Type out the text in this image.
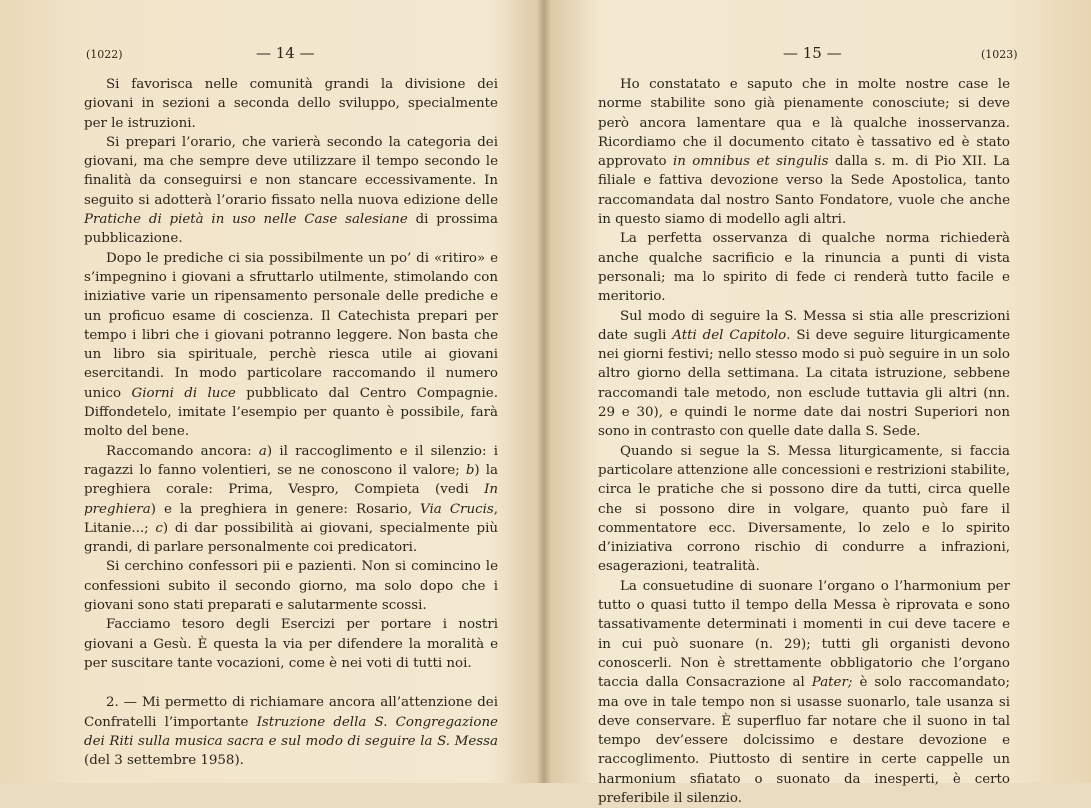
(1022)	— 14 —

Si favorisca nelle comunità grandi la divisione dei giovani in sezioni a seconda dello sviluppo, specialmente per le istruzioni.

Si prepari l’orario, che varierà secondo la categoria dei giovani, ma che sempre deve utilizzare il tempo secondo le finalità da conseguirsi e non stancare eccessivamente. In seguito si adotterà l’orario fissato nella nuova edizione delle Pratiche di pietà in uso nelle Case salesiane di prossima pubblicazione.

Dopo le prediche ci sia possibilmente un po’ di «ritiro» e s’impegnino i giovani a sfruttarlo utilmente, stimolando con iniziative varie un ripensamento personale delle prediche e un proficuo esame di coscienza. Il Catechista prepari per tempo i libri che i giovani potranno leggere. Non basta che un libro sia spirituale, perchè riesca utile ai giovani esercitandi. In modo particolare raccomando il numero unico Giorni di luce pubblicato dal Centro Compagnie. Diffondetelo, imitate l’esempio per quanto è possibile, farà molto del bene.

Raccomando ancora: a) il raccoglimento e il silenzio: i ragazzi lo fanno volentieri, se ne conoscono il valore; b) la preghiera corale: Prima, Vespro, Compieta (vedi In preghiera) e la preghiera in genere: Rosario, Via Crucis, Litanie...; c) di dar possibilità ai giovani, specialmente più grandi, di parlare personalmente coi predicatori.

Si cerchino confessori pii e pazienti. Non si comincino le confessioni subito il secondo giorno, ma solo dopo che i giovani sono stati preparati e salutarmente scossi.

Facciamo tesoro degli Esercizi per portare i nostri giovani a Gesù. È questa la via per difendere la moralità e per suscitare tante vocazioni, come è nei voti di tutti noi.

2. — Mi permetto di richiamare ancora all’attenzione dei Confratelli l’importante Istruzione della S. Congregazione dei Riti sulla musica sacra e sul modo di seguire la S. Messa (del 3 settembre 1958).

— 15 —	(1023)

Ho constatato e saputo che in molte nostre case le norme stabilite sono già pienamente conosciute; si deve però ancora lamentare qua e là qualche inosservanza. Ricordiamo che il documento citato è tassativo ed è stato approvato in omnibus et singulis dalla s. m. di Pio XII. La filiale e fattiva devozione verso la Sede Apostolica, tanto raccomandata dal nostro Santo Fondatore, vuole che anche in questo siamo di modello agli altri.

La perfetta osservanza di qualche norma richiederà anche qualche sacrificio e la rinuncia a punti di vista personali; ma lo spirito di fede ci renderà tutto facile e meritorio.

Sul modo di seguire la S. Messa si stia alle prescrizioni date sugli Atti del Capitolo. Si deve seguire liturgicamente nei giorni festivi; nello stesso modo si può seguire in un solo altro giorno della settimana. La citata istruzione, sebbene raccomandi tale metodo, non esclude tuttavia gli altri (nn. 29 e 30), e quindi le norme date dai nostri Superiori non sono in contrasto con quelle date dalla S. Sede.

Quando si segue la S. Messa liturgicamente, si faccia particolare attenzione alle concessioni e restrizioni stabilite, circa le pratiche che si possono dire da tutti, circa quelle che si possono dire in volgare, quanto può fare il commentatore ecc. Diversamente, lo zelo e lo spirito d’iniziativa corrono rischio di condurre a infrazioni, esagerazioni, teatralità.

La consuetudine di suonare l’organo o l’harmonium per tutto o quasi tutto il tempo della Messa è riprovata e sono tassativamente determinati i momenti in cui deve tacere e in cui può suonare (n. 29); tutti gli organisti devono conoscerli. Non è strettamente obbligatorio che l’organo taccia dalla Consacrazione al Pater; è solo raccomandato; ma ove in tale tempo non si usasse suonarlo, tale usanza si deve conservare. È superfluo far notare che il suono in tal tempo dev’essere dolcissimo e destare devozione e raccoglimento. Piuttosto di sentire in certe cappelle un harmonium sfiatato o suonato da inesperti, è certo preferibile il silenzio.
